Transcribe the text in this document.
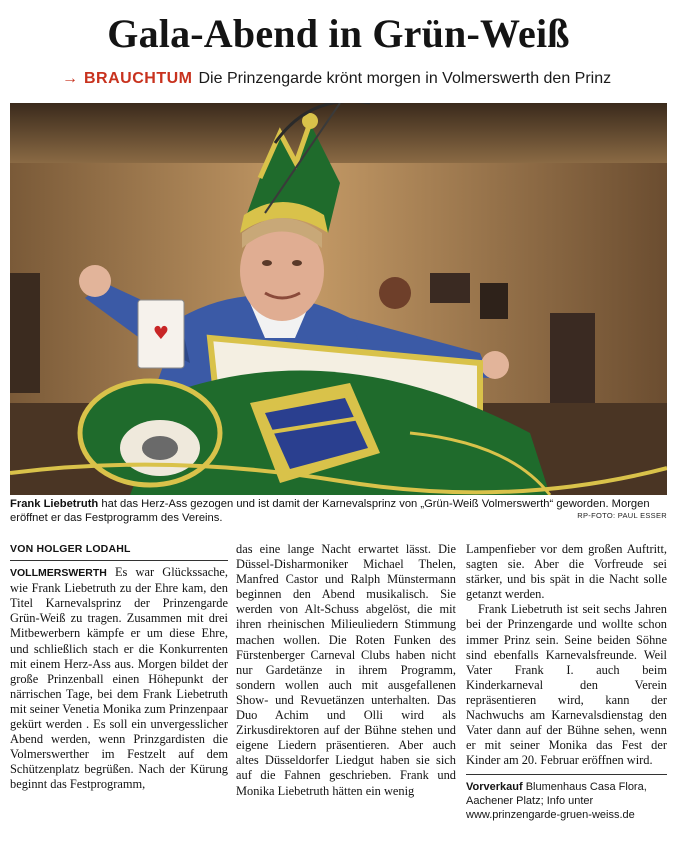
Gala-Abend in Grün-Weiß
→ BRAUCHTUM Die Prinzengarde krönt morgen in Volmerswerth den Prinz
♥
Frank Liebetruth hat das Herz-Ass gezogen und ist damit der Karnevalsprinz von „Grün-Weiß Volmerswerth“ geworden. Morgen eröffnet er das Festprogramm des Vereins.	RP-FOTO: PAUL ESSER
VON HOLGER LODAHL

VOLLMERSWERTH Es war Glückssache, wie Frank Liebetruth zu der Ehre kam, den Titel Karnevalsprinz der Prinzengarde Grün-Weiß zu tragen. Zusammen mit drei Mitbewerbern kämpfe er um diese Ehre, und schließlich stach er die Konkurrenten mit einem Herz-Ass aus. Morgen bildet der große Prinzenball einen Höhepunkt der närrischen Tage, bei dem Frank Liebetruth mit seiner Venetia Monika zum Prinzenpaar gekürt werden . Es soll ein unvergesslicher Abend werden, wenn Prinzgardisten die Volmerswerther im Festzelt auf dem Schützenplatz begrüßen. Nach der Kürung beginnt das Festprogramm,

das eine lange Nacht erwartet lässt. Die Düssel-Disharmoniker Michael Thelen, Manfred Castor und Ralph Münstermann beginnen den Abend musikalisch. Sie werden von Alt-Schuss abgelöst, die mit ihren rheinischen Milieuliedern Stimmung machen wollen. Die Roten Funken des Fürstenberger Carneval Clubs haben nicht nur Gardetänze in ihrem Programm, sondern wollen auch mit ausgefallenen Show- und Revuetänzen unterhalten. Das Duo Achim und Olli wird als Zirkusdirektoren auf der Bühne stehen und eigene Liedern präsentieren. Aber auch altes Düsseldorfer Liedgut haben sie sich auf die Fahnen geschrieben. Frank und Monika Liebetruth hätten ein wenig

Lampenfieber vor dem großen Auftritt, sagten sie. Aber die Vorfreude sei stärker, und bis spät in die Nacht solle getanzt werden.

Frank Liebetruth ist seit sechs Jahren bei der Prinzengarde und wollte schon immer Prinz sein. Seine beiden Söhne sind ebenfalls Karnevalsfreunde. Weil Vater Frank I. auch beim Kinderkarneval den Verein repräsentieren wird, kann der Nachwuchs am Karnevalsdienstag den Vater dann auf der Bühne sehen, wenn er mit seiner Monika das Fest der Kinder am 20. Februar eröffnen wird.

Vorverkauf Blumenhaus Casa Flora, Aachener Platz; Info unter www.prinzengarde-gruen-weiss.de
